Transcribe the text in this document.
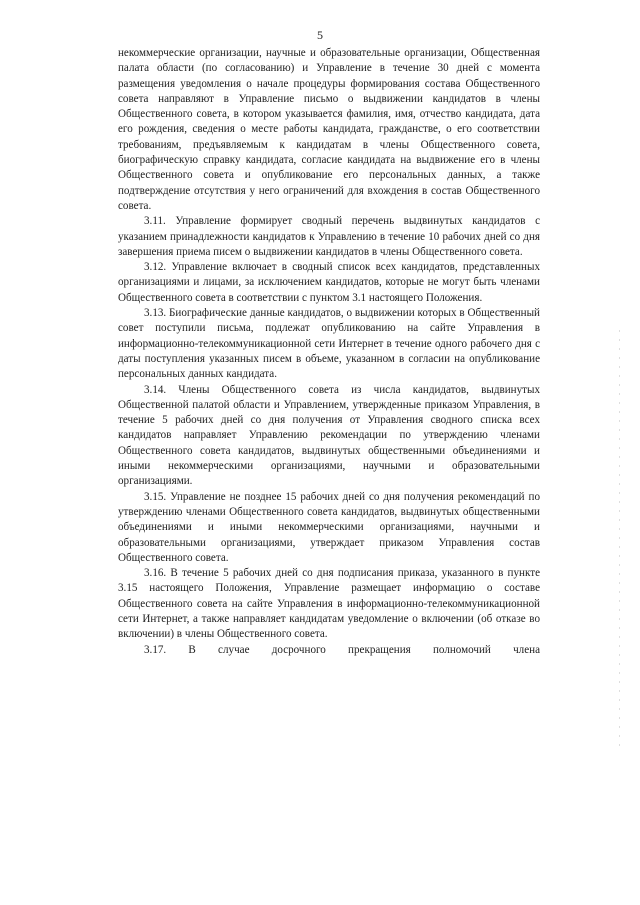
5

некоммерческие организации, научные и образовательные организации, Общественная палата области (по согласованию) и Управление в течение 30 дней с момента размещения уведомления о начале процедуры формирования состава Общественного совета направляют в Управление письмо о выдвижении кандидатов в члены Общественного совета, в котором указывается фамилия, имя, отчество кандидата, дата его рождения, сведения о месте работы кандидата, гражданстве, о его соответствии требованиям, предъявляемым к кандидатам в члены Общественного совета, биографическую справку кандидата, согласие кандидата на выдвижение его в члены Общественного совета и опубликование его персональных данных, а также подтверждение отсутствия у него ограничений для вхождения в состав Общественного совета.

3.11. Управление формирует сводный перечень выдвинутых кандидатов с указанием принадлежности кандидатов к Управлению в течение 10 рабочих дней со дня завершения приема писем о выдвижении кандидатов в члены Общественного совета.

3.12. Управление включает в сводный список всех кандидатов, представленных организациями и лицами, за исключением кандидатов, которые не могут быть членами Общественного совета в соответствии с пунктом 3.1 настоящего Положения.

3.13. Биографические данные кандидатов, о выдвижении которых в Общественный совет поступили письма, подлежат опубликованию на сайте Управления в информационно-телекоммуникационной сети Интернет в течение одного рабочего дня с даты поступления указанных писем в объеме, указанном в согласии на опубликование персональных данных кандидата.

3.14. Члены Общественного совета из числа кандидатов, выдвинутых Общественной палатой области и Управлением, утвержденные приказом Управления, в течение 5 рабочих дней со дня получения от Управления сводного списка всех кандидатов направляет Управлению рекомендации по утверждению членами Общественного совета кандидатов, выдвинутых общественными объединениями и иными некоммерческими организациями, научными и образовательными организациями.

3.15. Управление не позднее 15 рабочих дней со дня получения рекомендаций по утверждению членами Общественного совета кандидатов, выдвинутых общественными объединениями и иными некоммерческими организациями, научными и образовательными организациями, утверждает приказом Управления состав Общественного совета.

3.16. В течение 5 рабочих дней со дня подписания приказа, указанного в пункте 3.15 настоящего Положения, Управление размещает информацию о составе Общественного совета на сайте Управления в информационно-телекоммуникационной сети Интернет, а также направляет кандидатам уведомление о включении (об отказе во включении) в члены Общественного совета.

3.17. В случае досрочного прекращения полномочий члена
